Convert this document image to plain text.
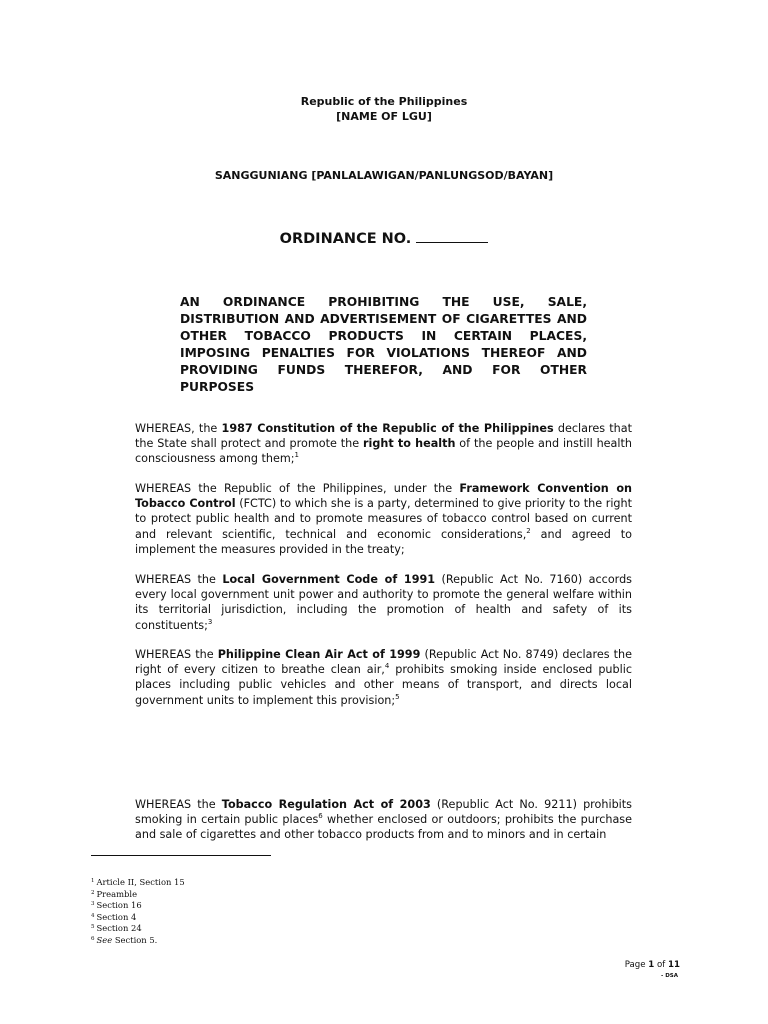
Republic of the Philippines
[NAME OF LGU]
SANGGUNIANG [PANLALAWIGAN/PANLUNGSOD/BAYAN]
ORDINANCE NO.
AN ORDINANCE PROHIBITING THE USE, SALE, DISTRIBUTION AND ADVERTISEMENT OF CIGARETTES AND OTHER TOBACCO PRODUCTS IN CERTAIN PLACES, IMPOSING PENALTIES FOR VIOLATIONS THEREOF AND PROVIDING FUNDS THEREFOR, AND FOR OTHER PURPOSES
WHEREAS, the 1987 Constitution of the Republic of the Philippines declares that the State shall protect and promote the right to health of the people and instill health consciousness among them;$^1$
WHEREAS the Republic of the Philippines, under the Framework Convention on Tobacco Control (FCTC) to which she is a party, determined to give priority to the right to protect public health and to promote measures of tobacco control based on current and relevant scientific, technical and economic considerations,$^2$ and agreed to implement the measures provided in the treaty;
WHEREAS the Local Government Code of 1991 (Republic Act No. 7160) accords every local government unit power and authority to promote the general welfare within its territorial jurisdiction, including the promotion of health and safety of its constituents;$^3$
WHEREAS the Philippine Clean Air Act of 1999 (Republic Act No. 8749) declares the right of every citizen to breathe clean air,$^4$ prohibits smoking inside enclosed public places including public vehicles and other means of transport, and directs local government units to implement this provision;$^5$
WHEREAS the Tobacco Regulation Act of 2003 (Republic Act No. 9211) prohibits smoking in certain public places$^6$ whether enclosed or outdoors; prohibits the purchase and sale of cigarettes and other tobacco products from and to minors and in certain
$^1$ Article II, Section 15
$^2$ Preamble
$^3$ Section 16
$^4$ Section 4
$^5$ Section 24
$^6$ See Section 5.
Page 1 of 11
- DSA
